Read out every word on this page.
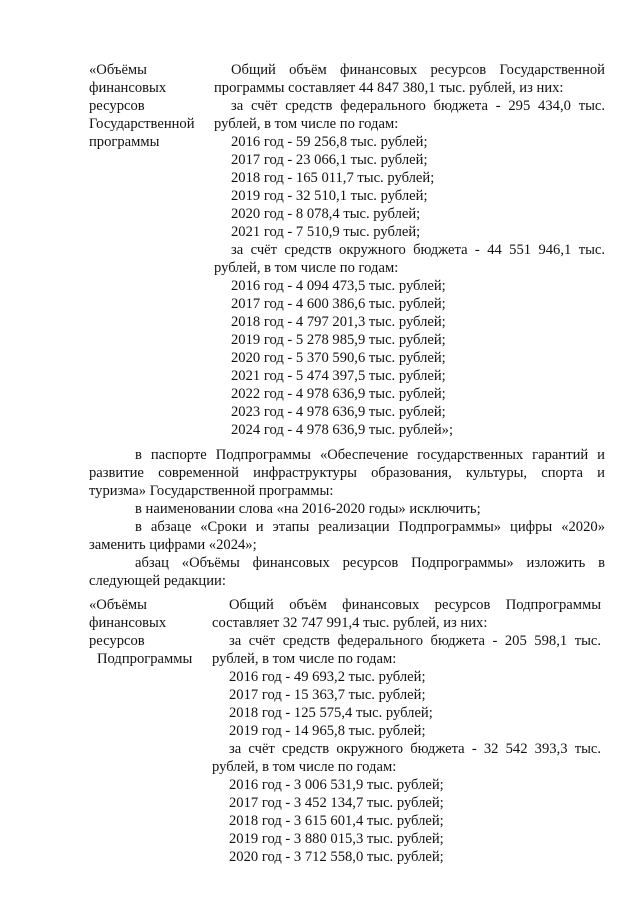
«Объёмы
финансовых
ресурсов
Государственной
программы
Общий объём финансовых ресурсов Государственной
программы составляет 44 847 380,1 тыс. рублей, из них:
за счёт средств федерального бюджета - 295 434,0 тыс.
рублей, в том числе по годам:
2016 год - 59 256,8 тыс. рублей;
2017 год - 23 066,1 тыс. рублей;
2018 год - 165 011,7 тыс. рублей;
2019 год - 32 510,1 тыс. рублей;
2020 год - 8 078,4 тыс. рублей;
2021 год - 7 510,9 тыс. рублей;
за счёт средств окружного бюджета - 44 551 946,1 тыс.
рублей, в том числе по годам:
2016 год - 4 094 473,5 тыс. рублей;
2017 год - 4 600 386,6 тыс. рублей;
2018 год - 4 797 201,3 тыс. рублей;
2019 год - 5 278 985,9 тыс. рублей;
2020 год - 5 370 590,6 тыс. рублей;
2021 год - 5 474 397,5 тыс. рублей;
2022 год - 4 978 636,9 тыс. рублей;
2023 год - 4 978 636,9 тыс. рублей;
2024 год - 4 978 636,9 тыс. рублей»;
в паспорте Подпрограммы «Обеспечение государственных гарантий и
развитие современной инфраструктуры образования, культуры, спорта и
туризма» Государственной программы:
в наименовании слова «на 2016-2020 годы» исключить;
в абзаце «Сроки и этапы реализации Подпрограммы» цифры «2020»
заменить цифрами «2024»;
абзац «Объёмы финансовых ресурсов Подпрограммы» изложить в
следующей редакции:
«Объёмы
финансовых
ресурсов
Подпрограммы
Общий объём финансовых ресурсов Подпрограммы
составляет 32 747 991,4 тыс. рублей, из них:
за счёт средств федерального бюджета - 205 598,1 тыс.
рублей, в том числе по годам:
2016 год - 49 693,2 тыс. рублей;
2017 год - 15 363,7 тыс. рублей;
2018 год - 125 575,4 тыс. рублей;
2019 год - 14 965,8 тыс. рублей;
за счёт средств окружного бюджета - 32 542 393,3 тыс.
рублей, в том числе по годам:
2016 год - 3 006 531,9 тыс. рублей;
2017 год - 3 452 134,7 тыс. рублей;
2018 год - 3 615 601,4 тыс. рублей;
2019 год - 3 880 015,3 тыс. рублей;
2020 год - 3 712 558,0 тыс. рублей;
